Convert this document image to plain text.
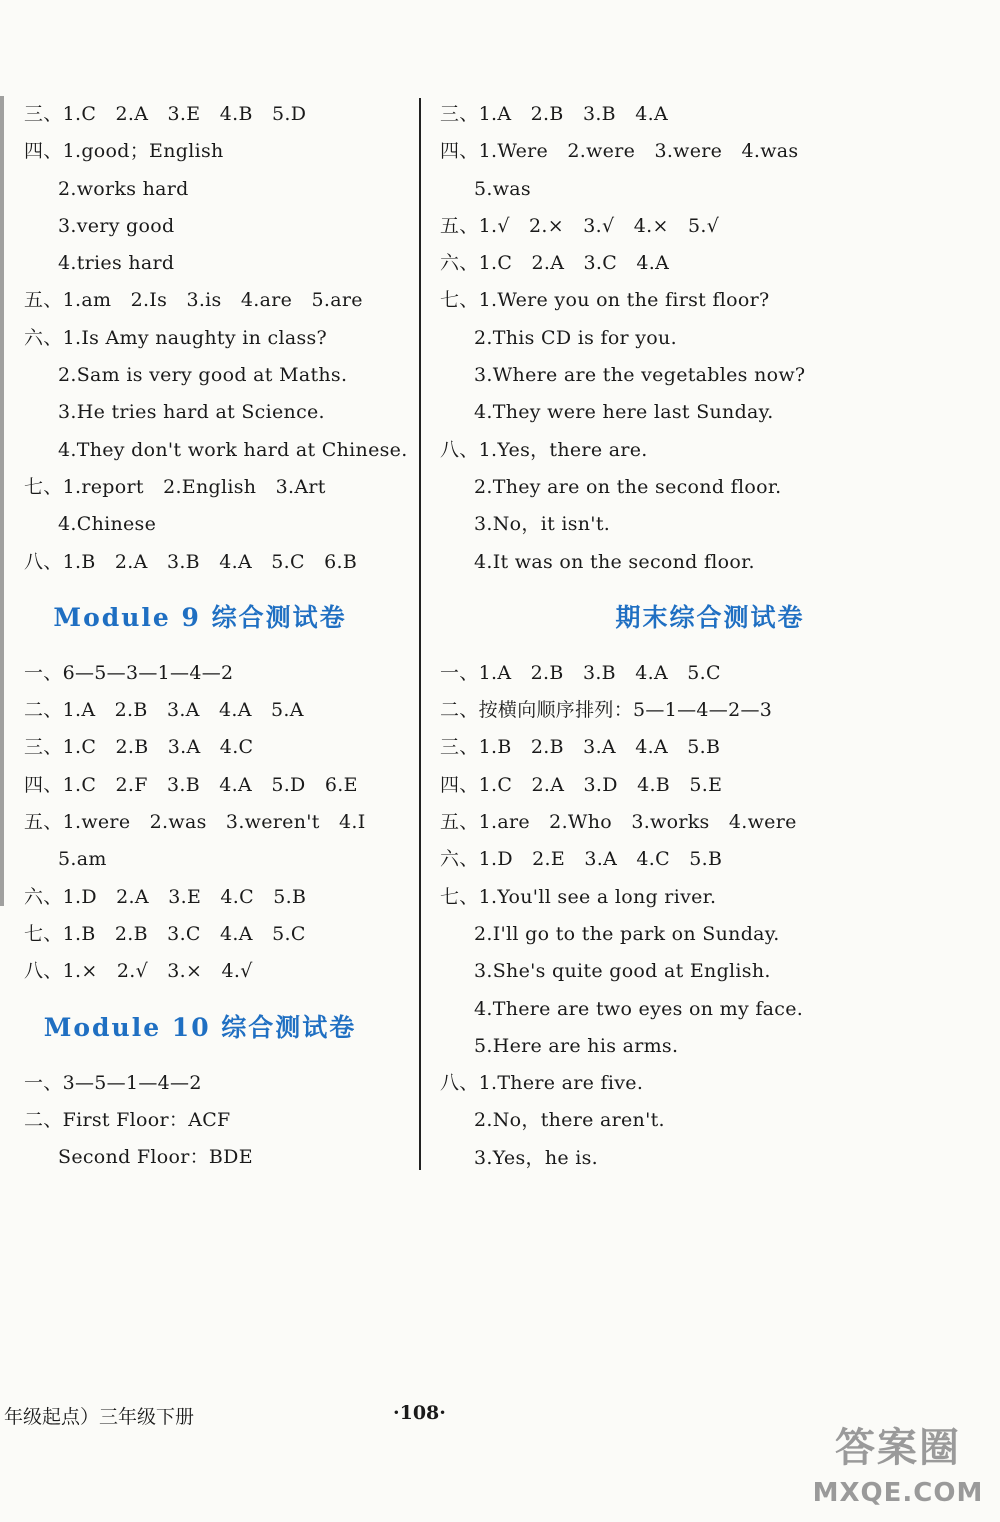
三、1.C　2.A　3.E　4.B　5.D
四、1.good；English
2.works hard
3.very good
4.tries hard
五、1.am　2.Is　3.is　4.are　5.are
六、1.Is Amy naughty in class?
2.Sam is very good at Maths.
3.He tries hard at Science.
4.They don't work hard at Chinese.
七、1.report　2.English　3.Art
4.Chinese
八、1.B　2.A　3.B　4.A　5.C　6.B
Module 9 综合测试卷
一、6—5—3—1—4—2
二、1.A　2.B　3.A　4.A　5.A
三、1.C　2.B　3.A　4.C
四、1.C　2.F　3.B　4.A　5.D　6.E
五、1.were　2.was　3.weren't　4.I
5.am
六、1.D　2.A　3.E　4.C　5.B
七、1.B　2.B　3.C　4.A　5.C
八、1.×　2.√　3.×　4.√
Module 10 综合测试卷
一、3—5—1—4—2
二、First Floor：ACF
Second Floor：BDE
三、1.A　2.B　3.B　4.A
四、1.Were　2.were　3.were　4.was
5.was
五、1.√　2.×　3.√　4.×　5.√
六、1.C　2.A　3.C　4.A
七、1.Were you on the first floor?
2.This CD is for you.
3.Where are the vegetables now?
4.They were here last Sunday.
八、1.Yes，there are.
2.They are on the second floor.
3.No，it isn't.
4.It was on the second floor.
期末综合测试卷
一、1.A　2.B　3.B　4.A　5.C
二、按横向顺序排列：5—1—4—2—3
三、1.B　2.B　3.A　4.A　5.B
四、1.C　2.A　3.D　4.B　5.E
五、1.are　2.Who　3.works　4.were
六、1.D　2.E　3.A　4.C　5.B
七、1.You'll see a long river.
2.I'll go to the park on Sunday.
3.She's quite good at English.
4.There are two eyes on my face.
5.Here are his arms.
八、1.There are five.
2.No，there aren't.
3.Yes，he is.
年级起点）三年级下册	·108·
答案圈
MXQE.COM
